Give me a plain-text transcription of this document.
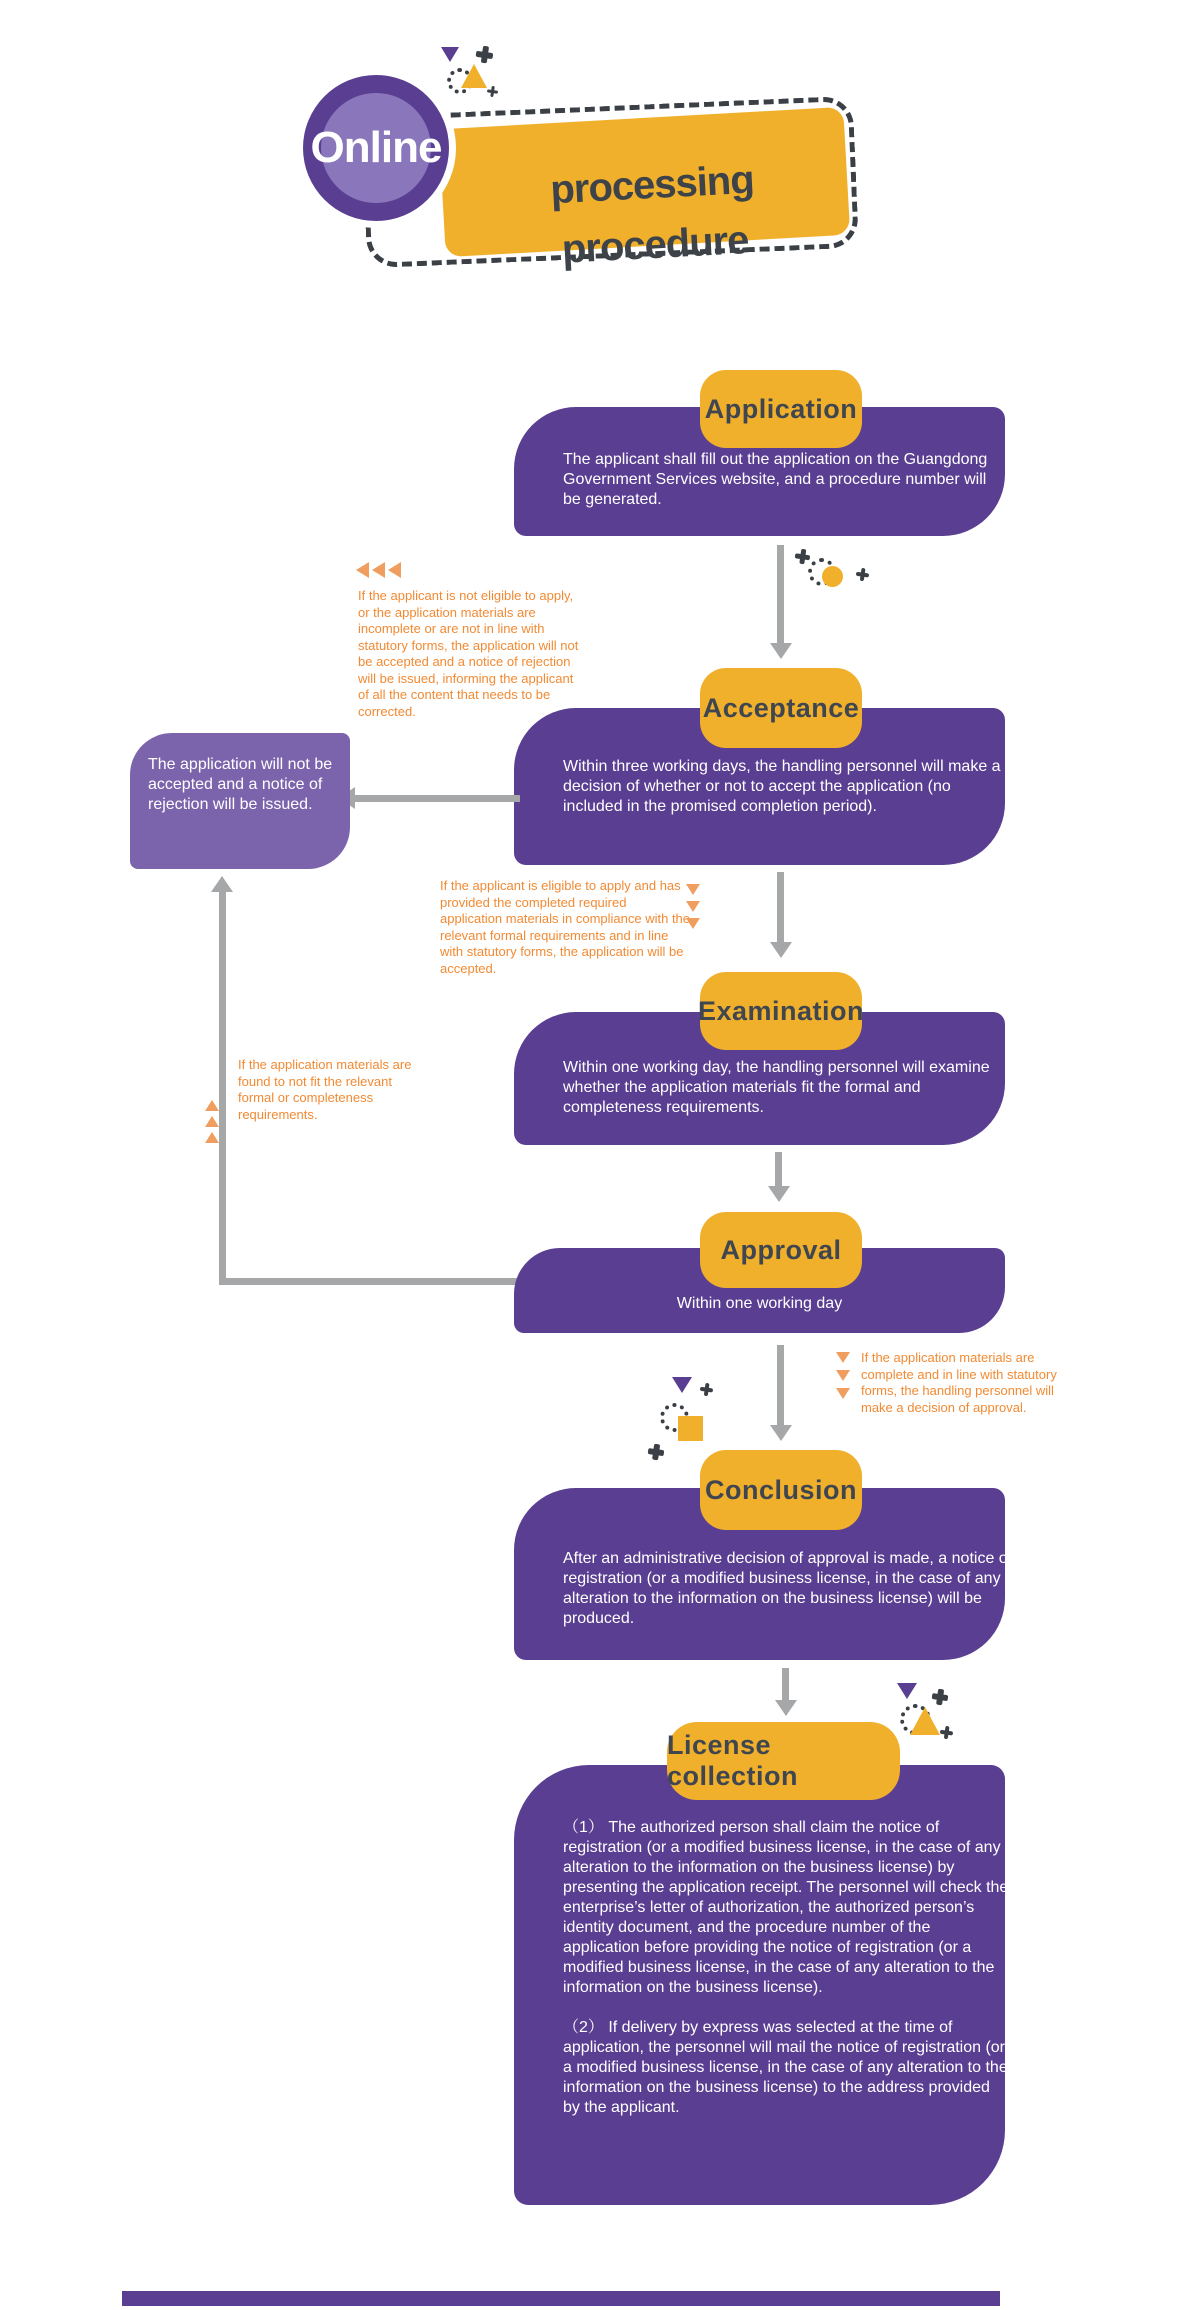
processing procedure
Online
Application
The applicant shall fill out the application on the Guangdong Government Services website, and a procedure number will be generated.
If the applicant is not eligible to apply, or the application materials are incomplete or are not in line with statutory forms, the application will not be accepted and a notice of rejection will be issued, informing the applicant of all the content that needs to be corrected.	Acceptance
Within three working days, the handling personnel will make a decision of whether or not to accept the application (no included in the promised completion period).
The application will not be accepted and a notice of rejection will be issued.
If the applicant is eligible to apply and has provided the completed required application materials in compliance with the relevant formal requirements and in line with statutory forms, the application will be accepted.
Examination
Within one working day, the handling personnel will examine whether the application materials fit the formal and completeness requirements.
If the application materials are found to not fit the relevant formal or completeness requirements.
Approval
Within one working day
If the application materials are complete and in line with statutory forms, the handling personnel will make a decision of approval.
Conclusion
After an administrative decision of approval is made, a notice of registration (or a modified business license, in the case of any alteration to the information on the business license) will be produced.
License collection

（1） The authorized person shall claim the notice of registration (or a modified business license, in the case of any alteration to the information on the business license) by presenting the application receipt. The personnel will check the enterprise’s letter of authorization, the authorized person’s identity document, and the procedure number of the application before providing the notice of registration (or a modified business license, in the case of any alteration to the information on the business license).

（2） If delivery by express was selected at the time of application, the personnel will mail the notice of registration (or a modified business license, in the case of any alteration to the information on the business license) to the address provided by the applicant.
